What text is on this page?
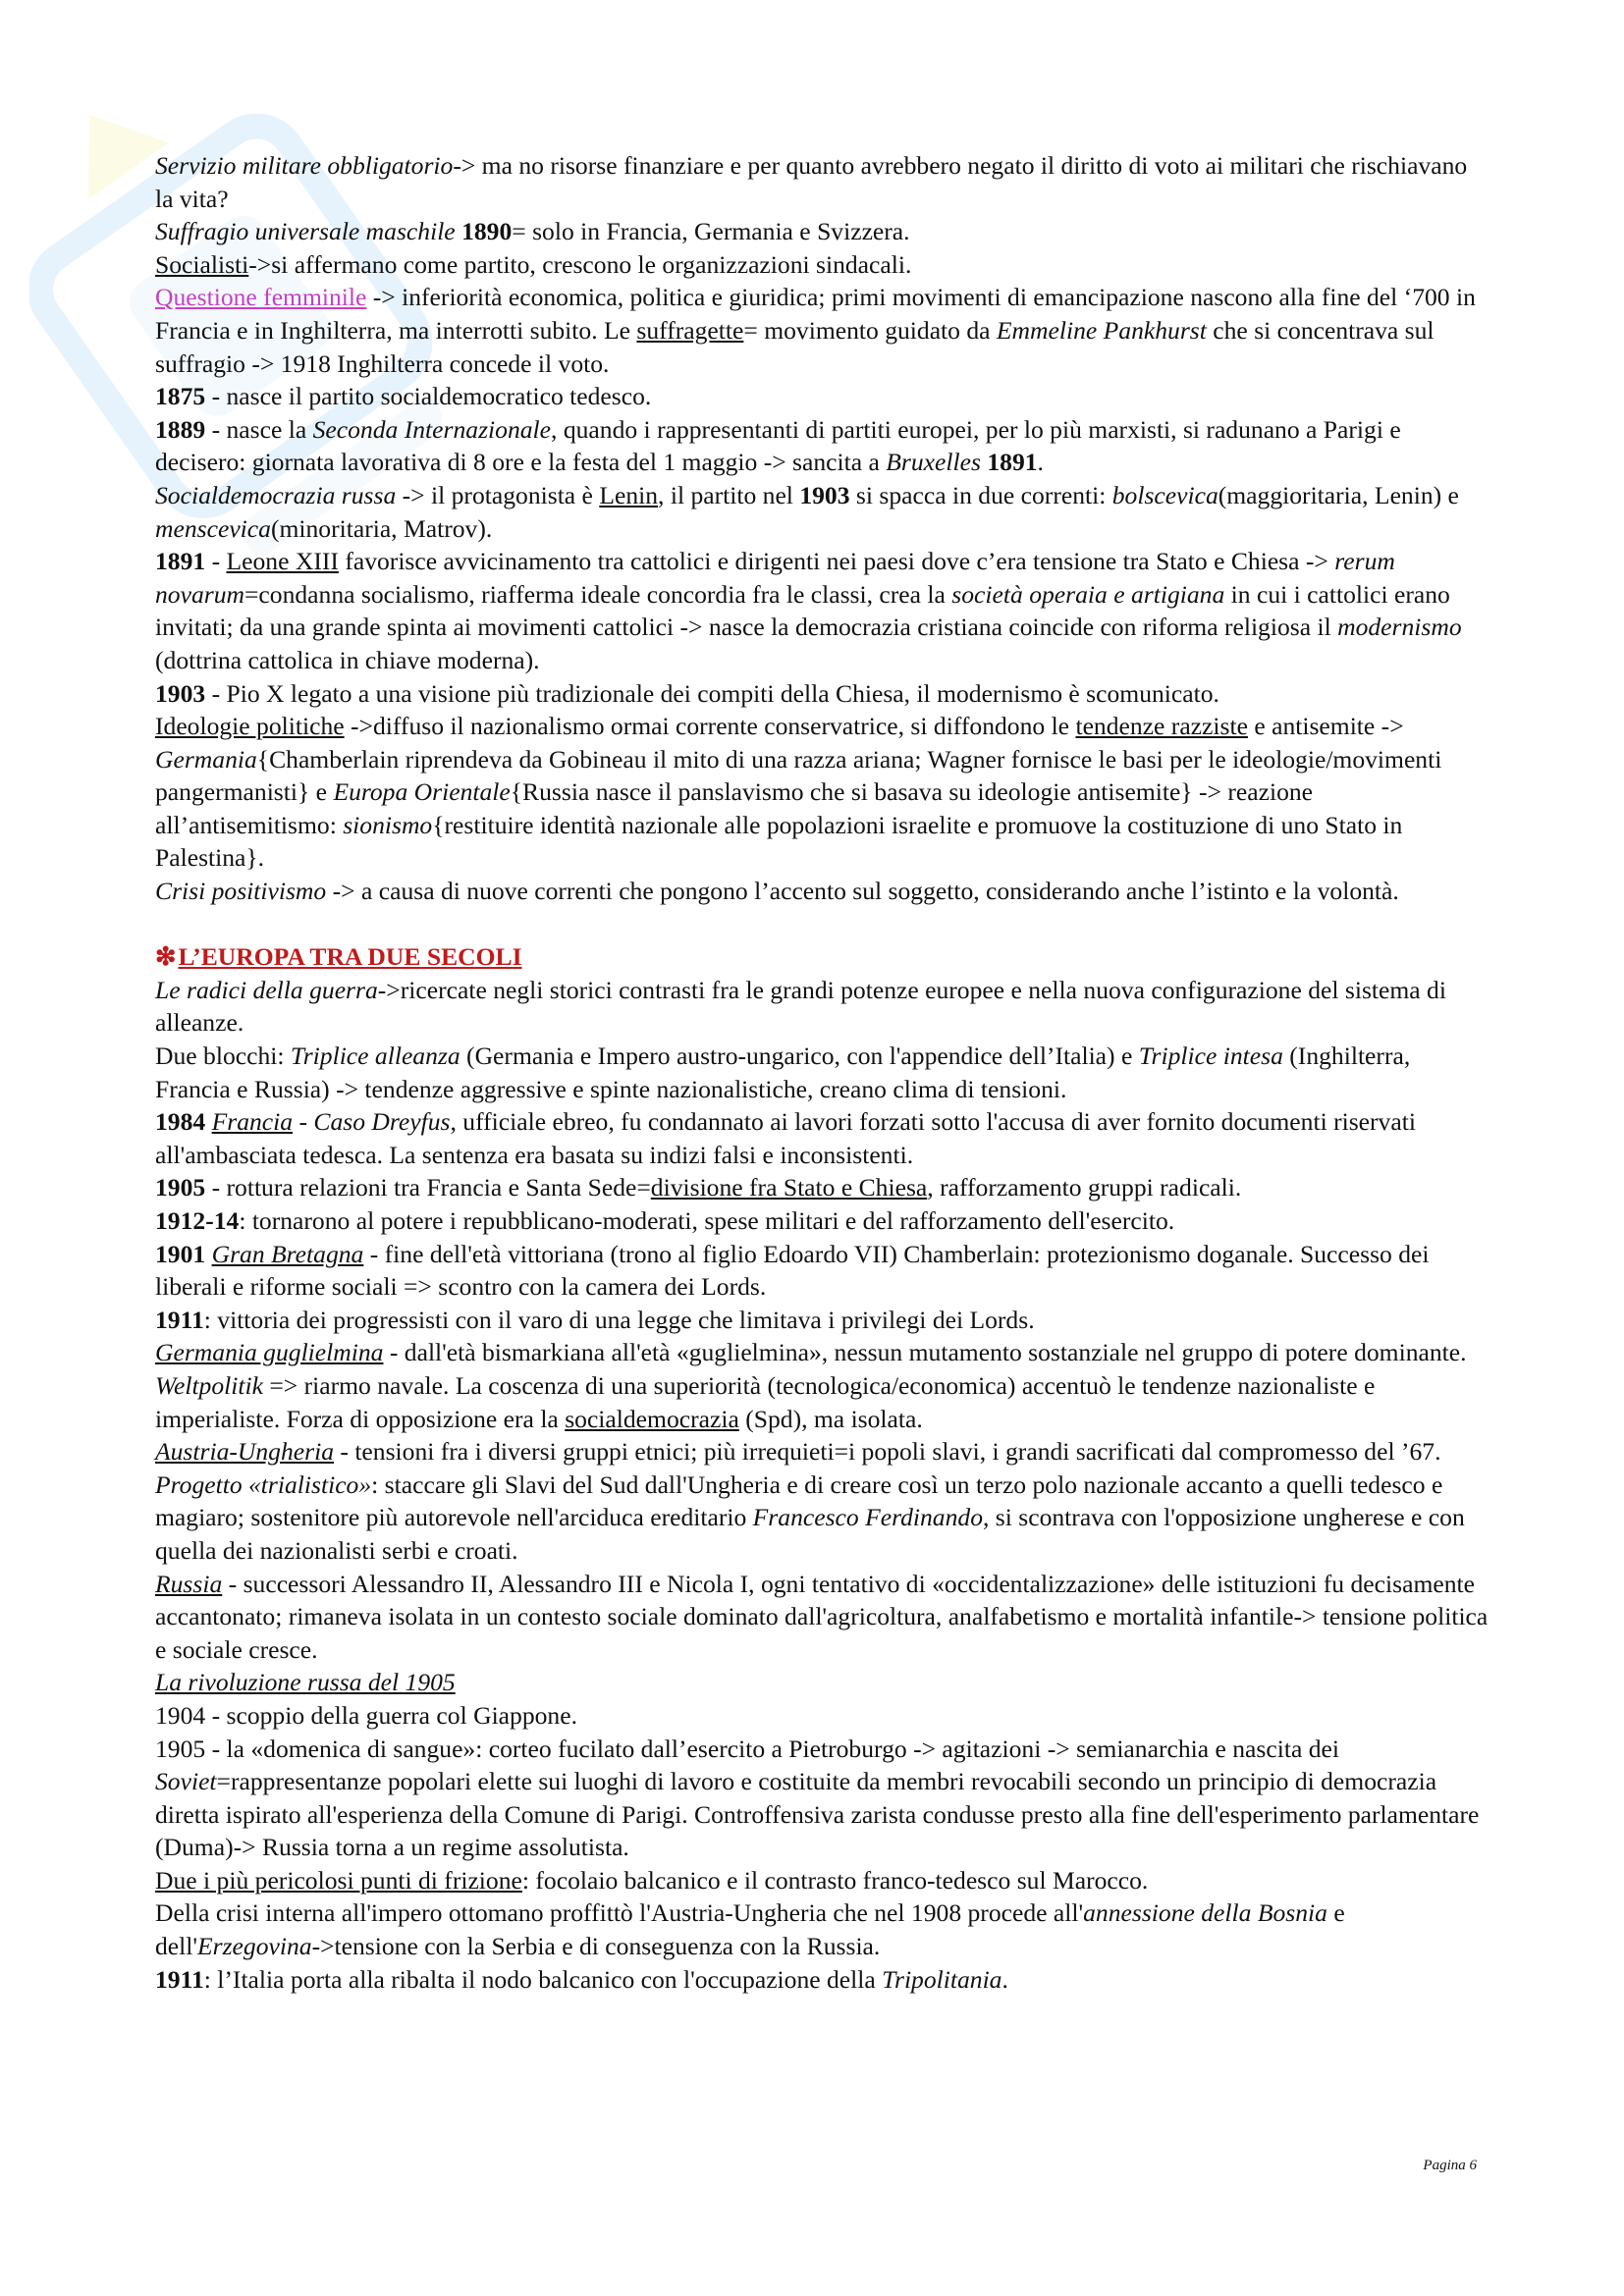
Servizio militare obbligatorio-> ma no risorse finanziare e per quanto avrebbero negato il diritto di voto ai militari che rischiavano la vita?

Suffragio universale maschile 1890= solo in Francia, Germania e Svizzera.

Socialisti->si affermano come partito, crescono le organizzazioni sindacali.

Questione femminile -> inferiorità economica, politica e giuridica; primi movimenti di emancipazione nascono alla fine del ‘700 in Francia e in Inghilterra, ma interrotti subito. Le suffragette= movimento guidato da Emmeline Pankhurst che si concentrava sul suffragio -> 1918 Inghilterra concede il voto.

1875 - nasce il partito socialdemocratico tedesco.

1889 - nasce la Seconda Internazionale, quando i rappresentanti di partiti europei, per lo più marxisti, si radunano a Parigi e decisero: giornata lavorativa di 8 ore e la festa del 1 maggio -> sancita a Bruxelles 1891.

Socialdemocrazia russa -> il protagonista è Lenin, il partito nel 1903 si spacca in due correnti: bolscevica(maggioritaria, Lenin) e menscevica(minoritaria, Matrov).

1891 - Leone XIII favorisce avvicinamento tra cattolici e dirigenti nei paesi dove c’era tensione tra Stato e Chiesa -> rerum novarum=condanna socialismo, riafferma ideale concordia fra le classi, crea la società operaia e artigiana in cui i cattolici erano invitati; da una grande spinta ai movimenti cattolici -> nasce la democrazia cristiana coincide con riforma religiosa il modernismo (dottrina cattolica in chiave moderna).

1903 - Pio X legato a una visione più tradizionale dei compiti della Chiesa, il modernismo è scomunicato.

Ideologie politiche ->diffuso il nazionalismo ormai corrente conservatrice, si diffondono le tendenze razziste e antisemite -> Germania{Chamberlain riprendeva da Gobineau il mito di una razza ariana; Wagner fornisce le basi per le ideologie/movimenti pangermanisti} e Europa Orientale{Russia nasce il panslavismo che si basava su ideologie antisemite} -> reazione all’antisemitismo: sionismo{restituire identità nazionale alle popolazioni israelite e promuove la costituzione di uno Stato in Palestina}.

Crisi positivismo -> a causa di nuove correnti che pongono l’accento sul soggetto, considerando anche l’istinto e la volontà.

❇L’EUROPA TRA DUE SECOLI

Le radici della guerra->ricercate negli storici contrasti fra le grandi potenze europee e nella nuova configurazione del sistema di alleanze.

Due blocchi: Triplice alleanza (Germania e Impero austro-ungarico, con l'appendice dell’Italia) e Triplice intesa (Inghilterra, Francia e Russia) -> tendenze aggressive e spinte nazionalistiche, creano clima di tensioni.

1984 Francia - Caso Dreyfus, ufficiale ebreo, fu condannato ai lavori forzati sotto l'accusa di aver fornito documenti riservati all'ambasciata tedesca. La sentenza era basata su indizi falsi e inconsistenti.

1905 - rottura relazioni tra Francia e Santa Sede=divisione fra Stato e Chiesa, rafforzamento gruppi radicali.

1912-14: tornarono al potere i repubblicano-moderati, spese militari e del rafforzamento dell'esercito.

1901 Gran Bretagna - fine dell'età vittoriana (trono al figlio Edoardo VII) Chamberlain: protezionismo doganale. Successo dei liberali e riforme sociali => scontro con la camera dei Lords.

1911: vittoria dei progressisti con il varo di una legge che limitava i privilegi dei Lords.

Germania guglielmina - dall'età bismarkiana all'età «guglielmina», nessun mutamento sostanziale nel gruppo di potere dominante. Weltpolitik => riarmo navale. La coscenza di una superiorità (tecnologica/economica) accentuò le tendenze nazionaliste e imperialiste. Forza di opposizione era la socialdemocrazia (Spd), ma isolata.

Austria-Ungheria - tensioni fra i diversi gruppi etnici; più irrequieti=i popoli slavi, i grandi sacrificati dal compromesso del ’67. Progetto «trialistico»: staccare gli Slavi del Sud dall'Ungheria e di creare così un terzo polo nazionale accanto a quelli tedesco e magiaro; sostenitore più autorevole nell'arciduca ereditario Francesco Ferdinando, si scontrava con l'opposizione ungherese e con quella dei nazionalisti serbi e croati.

Russia - successori Alessandro II, Alessandro III e Nicola I, ogni tentativo di «occidentalizzazione» delle istituzioni fu decisamente accantonato; rimaneva isolata in un contesto sociale dominato dall'agricoltura, analfabetismo e mortalità infantile-> tensione politica e sociale cresce.

La rivoluzione russa del 1905

1904 - scoppio della guerra col Giappone.

1905 - la «domenica di sangue»: corteo fucilato dall’esercito a Pietroburgo -> agitazioni -> semianarchia e nascita dei Soviet=rappresentanze popolari elette sui luoghi di lavoro e costituite da membri revocabili secondo un principio di democrazia diretta ispirato all'esperienza della Comune di Parigi. Controffensiva zarista condusse presto alla fine dell'esperimento parlamentare (Duma)-> Russia torna a un regime assolutista.

Due i più pericolosi punti di frizione: focolaio balcanico e il contrasto franco-tedesco sul Marocco.

Della crisi interna all'impero ottomano proffittò l'Austria-Ungheria che nel 1908 procede all'annessione della Bosnia e dell'Erzegovina->tensione con la Serbia e di conseguenza con la Russia.

1911: l’Italia porta alla ribalta il nodo balcanico con l'occupazione della Tripolitania.

Pagina 6
